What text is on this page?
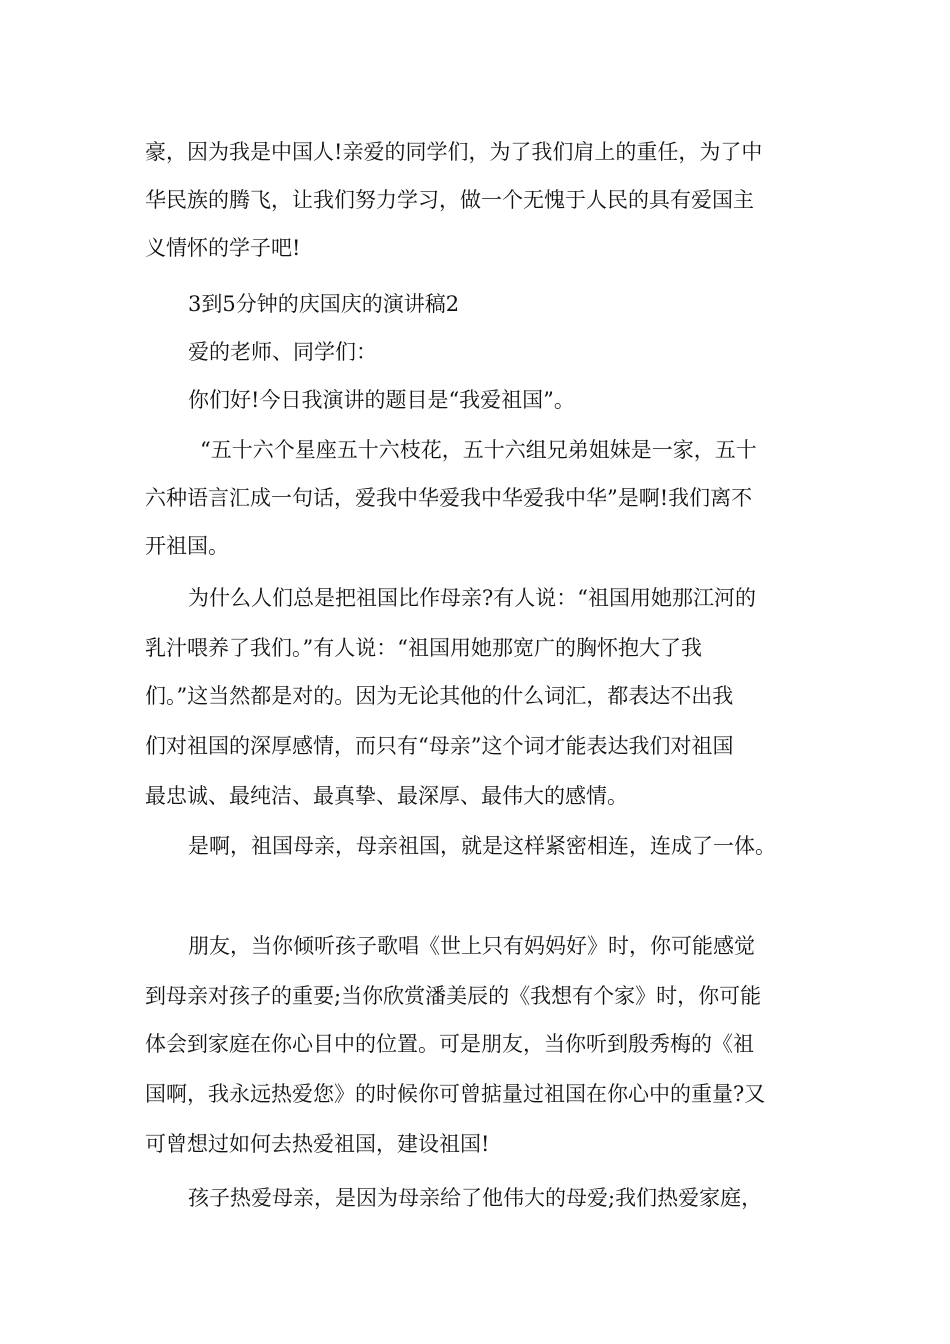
豪，因为我是中国人!亲爱的同学们，为了我们肩上的重任，为了中
华民族的腾飞，让我们努力学习，做一个无愧于人民的具有爱国主
义情怀的学子吧!
3到5分钟的庆国庆的演讲稿2
爱的老师、同学们：
你们好!今日我演讲的题目是“我爱祖国”。
“五十六个星座五十六枝花，五十六组兄弟姐妹是一家，五十
六种语言汇成一句话，爱我中华爱我中华爱我中华”是啊!我们离不
开祖国。
为什么人们总是把祖国比作母亲?有人说：“祖国用她那江河的
乳汁喂养了我们。”有人说：“祖国用她那宽广的胸怀抱大了我
们。”这当然都是对的。因为无论其他的什么词汇，都表达不出我
们对祖国的深厚感情，而只有“母亲”这个词才能表达我们对祖国
最忠诚、最纯洁、最真挚、最深厚、最伟大的感情。
是啊，祖国母亲，母亲祖国，就是这样紧密相连，连成了一体。
朋友，当你倾听孩子歌唱《世上只有妈妈好》时，你可能感觉
到母亲对孩子的重要;当你欣赏潘美辰的《我想有个家》时，你可能
体会到家庭在你心目中的位置。可是朋友，当你听到殷秀梅的《祖
国啊，我永远热爱您》的时候你可曾掂量过祖国在你心中的重量?又
可曾想过如何去热爱祖国，建设祖国!
孩子热爱母亲，是因为母亲给了他伟大的母爱;我们热爱家庭，
